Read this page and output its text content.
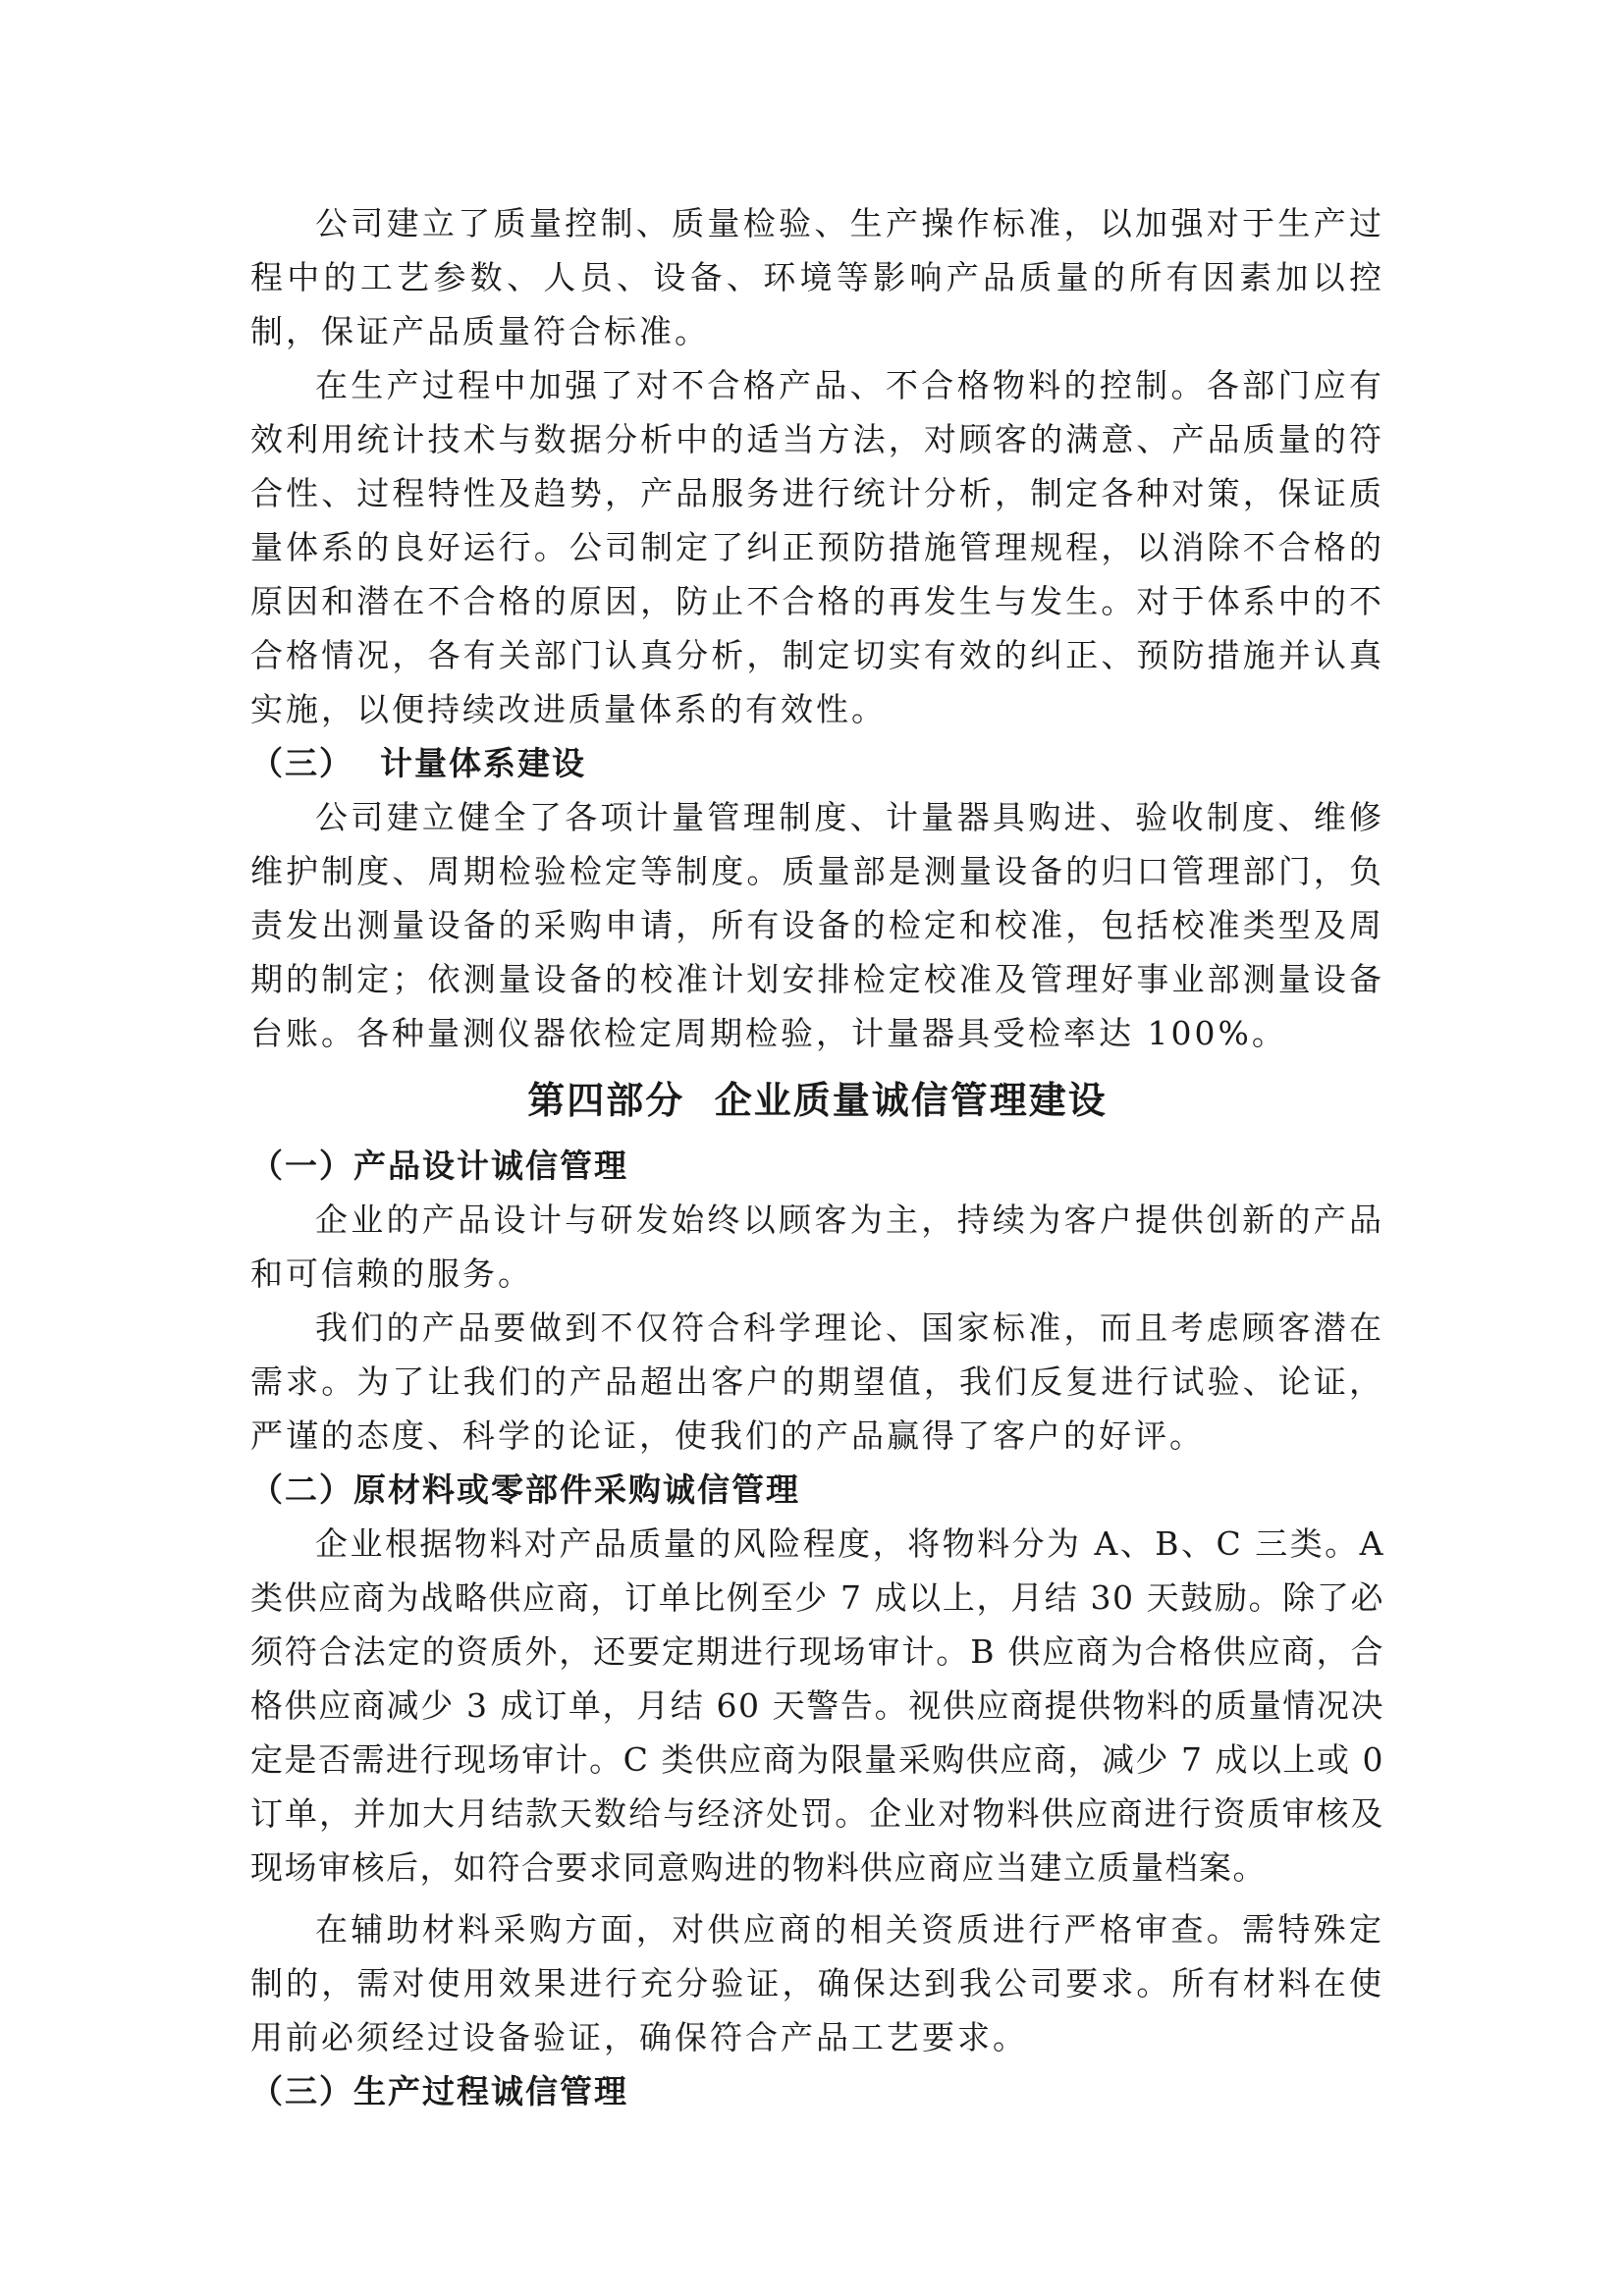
公司建立了质量控制、质量检验、生产操作标准，以加强对于生产过程中的工艺参数、人员、设备、环境等影响产品质量的所有因素加以控制，保证产品质量符合标准。

在生产过程中加强了对不合格产品、不合格物料的控制。各部门应有效利用统计技术与数据分析中的适当方法，对顾客的满意、产品质量的符合性、过程特性及趋势，产品服务进行统计分析，制定各种对策，保证质量体系的良好运行。公司制定了纠正预防措施管理规程，以消除不合格的原因和潜在不合格的原因，防止不合格的再发生与发生。对于体系中的不合格情况，各有关部门认真分析，制定切实有效的纠正、预防措施并认真实施，以便持续改进质量体系的有效性。

（三）  计量体系建设

公司建立健全了各项计量管理制度、计量器具购进、验收制度、维修维护制度、周期检验检定等制度。质量部是测量设备的归口管理部门，负责发出测量设备的采购申请，所有设备的检定和校准，包括校准类型及周期的制定；依测量设备的校准计划安排检定校准及管理好事业部测量设备台账。各种量测仪器依检定周期检验，计量器具受检率达 100%。

第四部分  企业质量诚信管理建设

（一）产品设计诚信管理

企业的产品设计与研发始终以顾客为主，持续为客户提供创新的产品和可信赖的服务。

我们的产品要做到不仅符合科学理论、国家标准，而且考虑顾客潜在需求。为了让我们的产品超出客户的期望值，我们反复进行试验、论证，严谨的态度、科学的论证，使我们的产品赢得了客户的好评。

（二）原材料或零部件采购诚信管理

企业根据物料对产品质量的风险程度，将物料分为 A、B、C 三类。A 类供应商为战略供应商，订单比例至少 7 成以上，月结 30 天鼓励。除了必须符合法定的资质外，还要定期进行现场审计。B 供应商为合格供应商，合格供应商减少 3 成订单，月结 60 天警告。视供应商提供物料的质量情况决定是否需进行现场审计。C 类供应商为限量采购供应商，减少 7 成以上或 0 订单，并加大月结款天数给与经济处罚。企业对物料供应商进行资质审核及现场审核后，如符合要求同意购进的物料供应商应当建立质量档案。

在辅助材料采购方面，对供应商的相关资质进行严格审查。需特殊定制的，需对使用效果进行充分验证，确保达到我公司要求。所有材料在使用前必须经过设备验证，确保符合产品工艺要求。

（三）生产过程诚信管理
